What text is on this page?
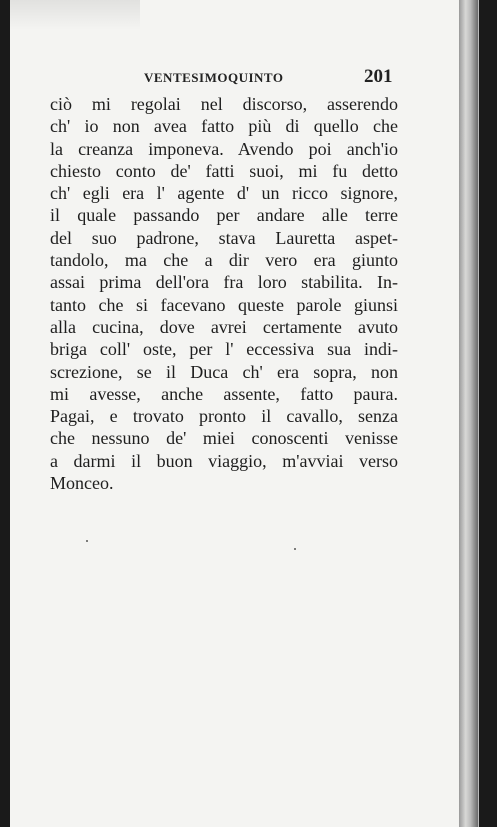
VENTESIMOQUINTO	201
ciò mi regolai nel discorso, asserendo
ch' io non avea fatto più di quello che
la creanza imponeva. Avendo poi anch'io
chiesto conto de' fatti suoi, mi fu detto
ch' egli era l' agente d' un ricco signore,
il quale passando per andare alle terre
del suo padrone, stava Lauretta aspet-
tandolo, ma che a dir vero era giunto
assai prima dell'ora fra loro stabilita. In-
tanto che si facevano queste parole giunsi
alla cucina, dove avrei certamente avuto
briga coll' oste, per l' eccessiva sua indi-
screzione, se il Duca ch' era sopra, non
mi avesse, anche assente, fatto paura.
Pagai, e trovato pronto il cavallo, senza
che nessuno de' miei conoscenti venisse
a darmi il buon viaggio, m'avviai verso
Monceo.
